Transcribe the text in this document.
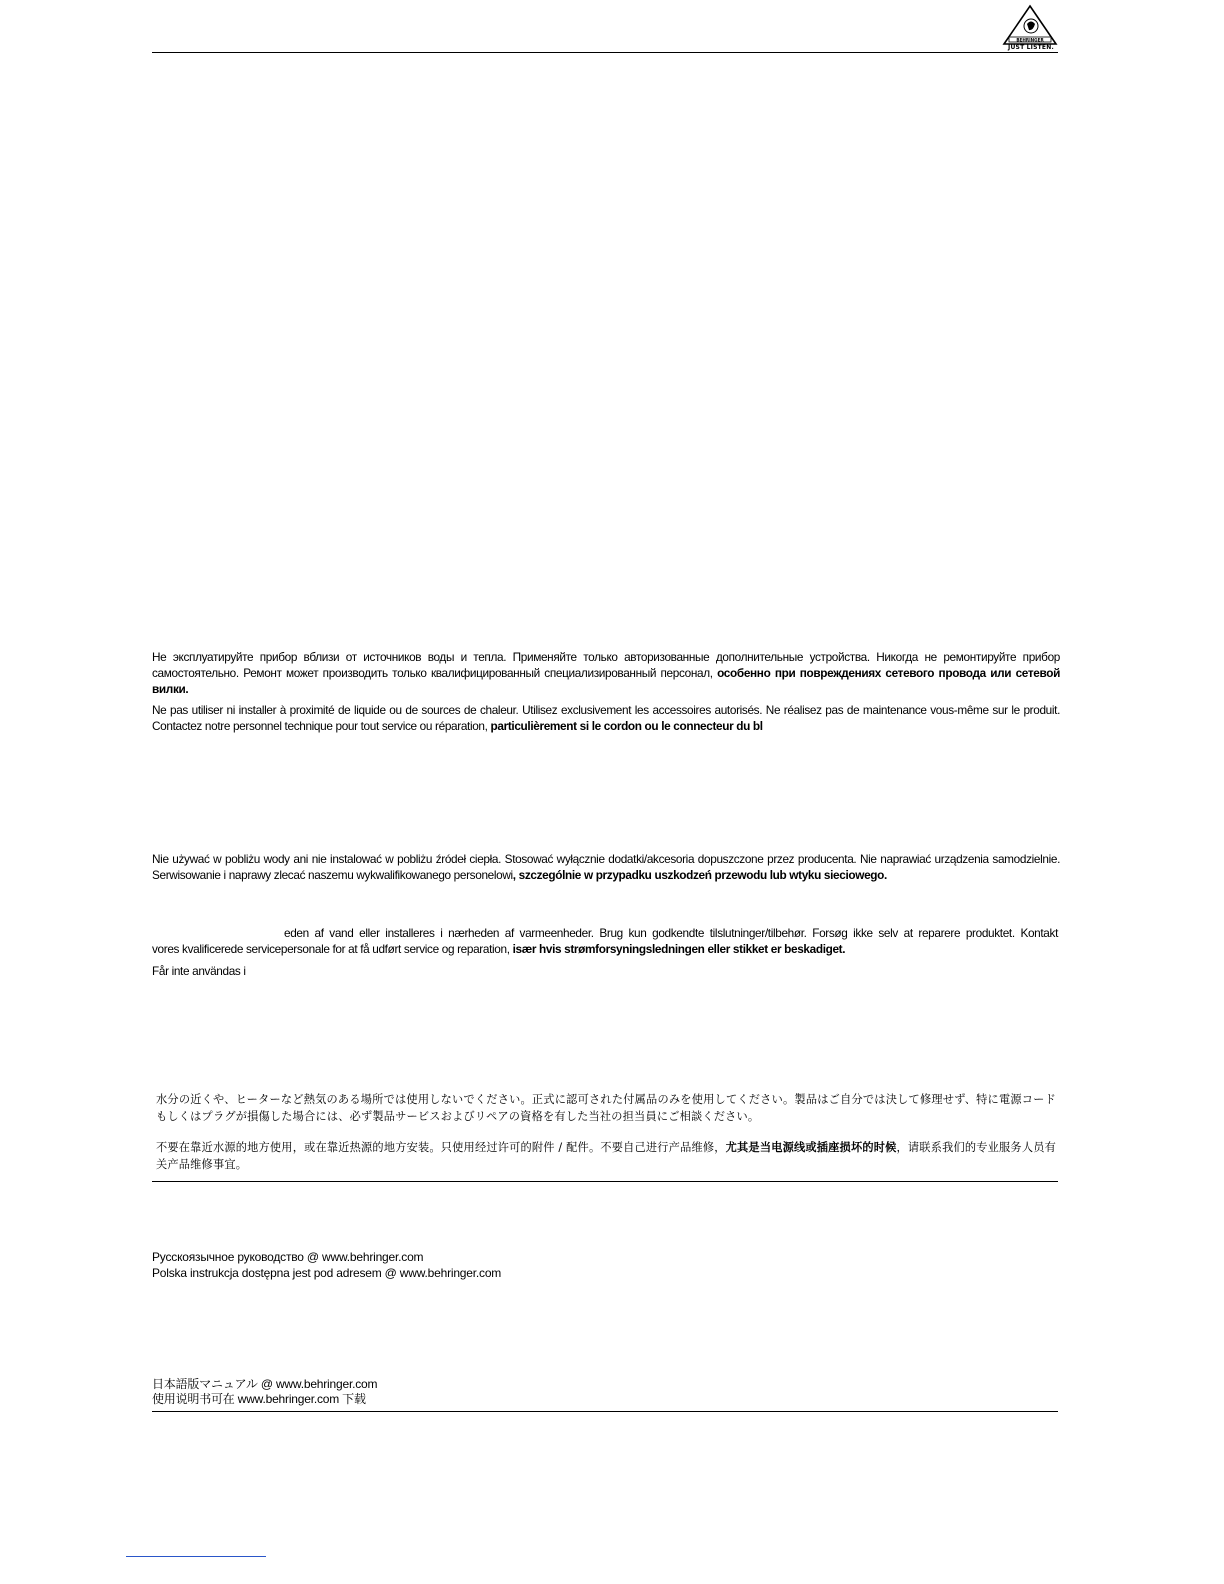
BEHRINGER
JUST LISTEN.
Не эксплуатируйте прибор вблизи от источников воды и тепла. Применяйте только авторизованные дополнительные устройства. Никогда не ремонтируйте прибор самостоятельно. Ремонт может производить только квалифицированный специализированный персонал, особенно при повреждениях сетевого провода или сетевой вилки.
Ne pas utiliser ni installer à proximité de liquide ou de sources de chaleur. Utilisez exclusivement les accessoires autorisés. Ne réalisez pas de maintenance vous-même sur le produit. Contactez notre personnel technique pour tout service ou réparation, particulièrement si le cordon ou le connecteur du bl
Nie używać w pobliżu wody ani nie instalować w pobliżu źródeł ciepła. Stosować wyłącznie dodatki/akcesoria dopuszczone przez producenta. Nie naprawiać urządzenia samodzielnie. Serwisowanie i naprawy zlecać naszemu wykwalifikowanego personelowi, szczególnie w przypadku uszkodzeń przewodu lub wtyku sieciowego.
eden af vand eller installeres i nærheden af varmeenheder. Brug kun godkendte tilslutninger/tilbehør. Forsøg ikke selv at reparere produktet. Kontakt
vores kvalificerede servicepersonale for at få udført service og reparation, især hvis strømforsyningsledningen eller stikket er beskadiget.
Får inte användas i
水分の近くや、ヒーターなど熱気のある場所では使用しないでください。正式に認可された付属品のみを使用してください。製品はご自分では決して修理せず、特に電源コードもしくはプラグが損傷した場合には、必ず製品サービスおよびリペアの資格を有した当社の担当員にご相談ください。
不要在靠近水源的地方使用，或在靠近热源的地方安装。只使用经过许可的附件 / 配件。不要自己进行产品维修，尤其是当电源线或插座损坏的时候，请联系我们的专业服务人员有关产品维修事宜。
Русскоязычное руководство @ www.behringer.com
Polska instrukcja dostępna jest pod adresem @ www.behringer.com
日本語版マニュアル @ www.behringer.com
使用说明书可在 www.behringer.com 下载
